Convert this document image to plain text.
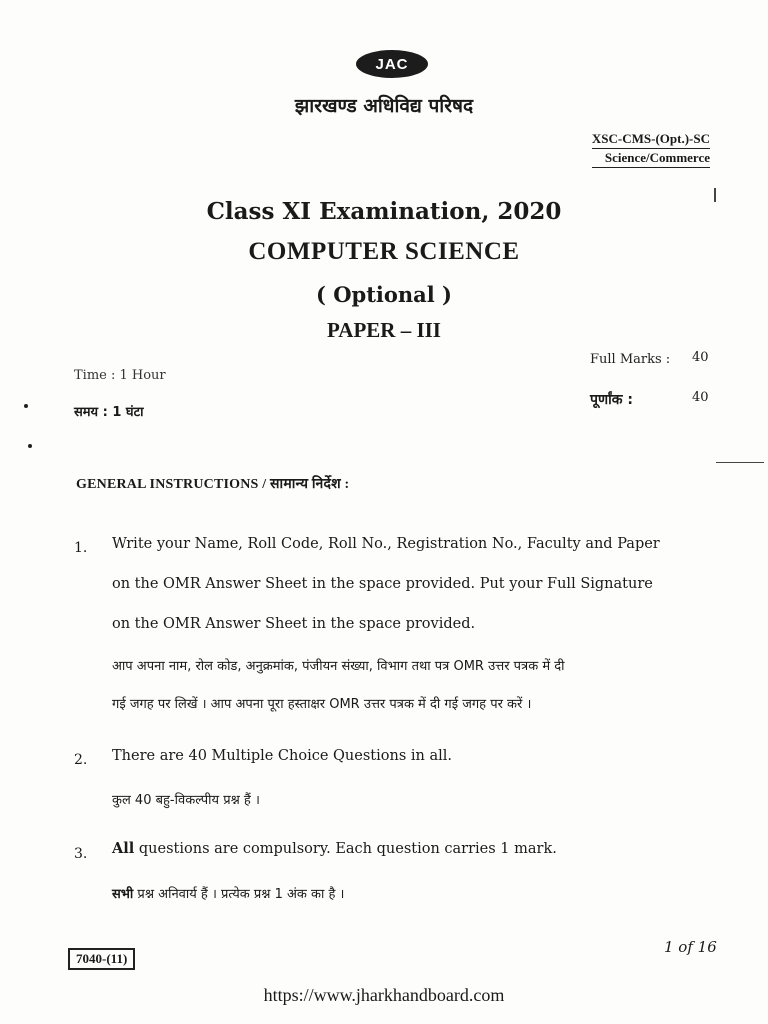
JAC
झारखण्ड अधिविद्य परिषद
XSC-CMS-(Opt.)-SC
Science/Commerce
Class XI Examination, 2020
COMPUTER SCIENCE
( Optional )
PAPER – III
Time : 1 Hour
समय : 1 घंटा
Full Marks : 40
पूर्णांक :	40
GENERAL INSTRUCTIONS / सामान्य निर्देश :
1. Write your Name, Roll Code, Roll No., Registration No., Faculty and Paper
on the OMR Answer Sheet in the space provided. Put your Full Signature
on the OMR Answer Sheet in the space provided.
आप अपना नाम, रोल कोड, अनुक्रमांक, पंजीयन संख्या, विभाग तथा पत्र OMR उत्तर पत्रक में दी
गई जगह पर लिखें । आप अपना पूरा हस्ताक्षर OMR उत्तर पत्रक में दी गई जगह पर करें ।
2. There are 40 Multiple Choice Questions in all.
कुल 40 बहु-विकल्पीय प्रश्न हैं ।
3. All questions are compulsory. Each question carries 1 mark.
सभी प्रश्न अनिवार्य हैं । प्रत्येक प्रश्न 1 अंक का है ।
7040-(11)
1 of 16
https://www.jharkhandboard.com
